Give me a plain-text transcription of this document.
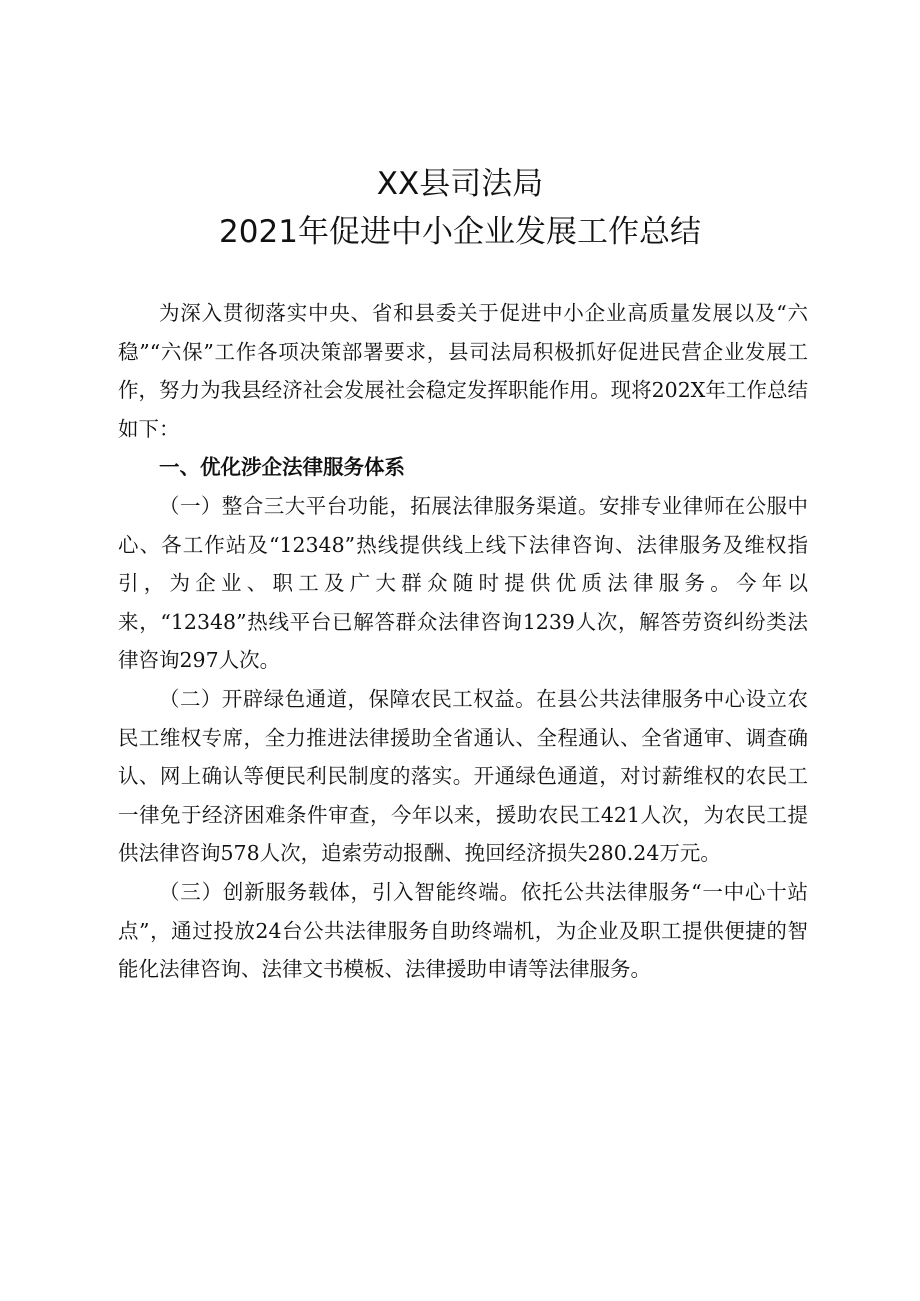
XX县司法局
2021年促进中小企业发展工作总结

为深入贯彻落实中央、省和县委关于促进中小企业高质量发展以及“六稳”“六保”工作各项决策部署要求，县司法局积极抓好促进民营企业发展工作，努力为我县经济社会发展社会稳定发挥职能作用。现将202X年工作总结如下：

一、优化涉企法律服务体系

（一）整合三大平台功能，拓展法律服务渠道。安排专业律师在公服中心、各工作站及“12348”热线提供线上线下法律咨询、法律服务及维权指引，为企业、职工及广大群众随时提供优质法律服务。今年以来，“12348”热线平台已解答群众法律咨询1239人次，解答劳资纠纷类法律咨询297人次。

（二）开辟绿色通道，保障农民工权益。在县公共法律服务中心设立农民工维权专席，全力推进法律援助全省通认、全程通认、全省通审、调查确认、网上确认等便民利民制度的落实。开通绿色通道，对讨薪维权的农民工一律免于经济困难条件审查，今年以来，援助农民工421人次，为农民工提供法律咨询578人次，追索劳动报酬、挽回经济损失280.24万元。

（三）创新服务载体，引入智能终端。依托公共法律服务“一中心十站点”，通过投放24台公共法律服务自助终端机，为企业及职工提供便捷的智能化法律咨询、法律文书模板、法律援助申请等法律服务。
